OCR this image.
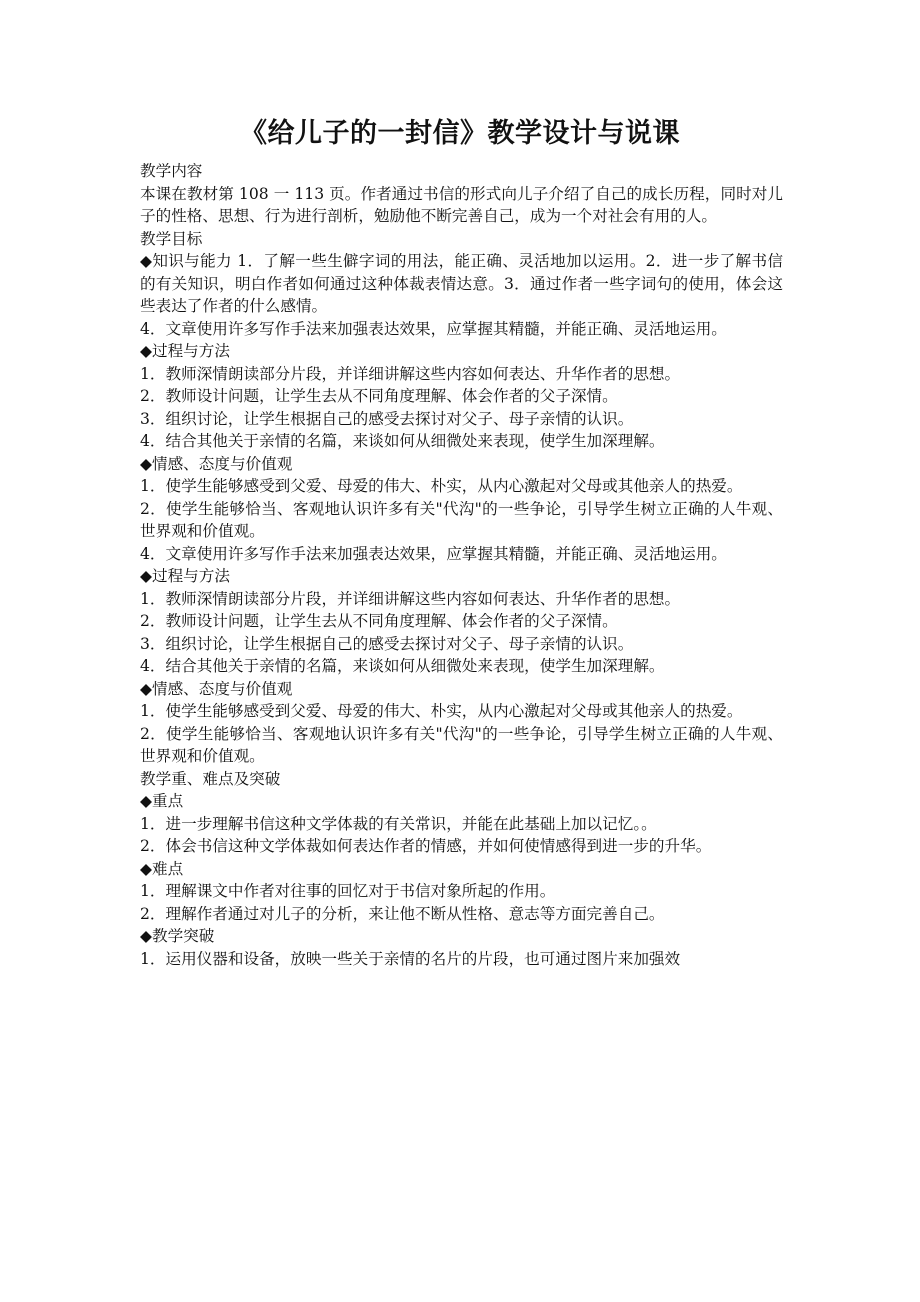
《给儿子的一封信》教学设计与说课

教学内容

本课在教材第 108 一 113 页。作者通过书信的形式向儿子介绍了自己的成长历程，同时对儿子的性格、思想、行为进行剖析，勉励他不断完善自己，成为一个对社会有用的人。

教学目标

◆知识与能力 1．了解一些生僻字词的用法，能正确、灵活地加以运用。2．进一步了解书信的有关知识，明白作者如何通过这种体裁表情达意。3．通过作者一些字词句的使用，体会这些表达了作者的什么感情。

4．文章使用许多写作手法来加强表达效果，应掌握其精髓，并能正确、灵活地运用。

◆过程与方法

1．教师深情朗读部分片段，并详细讲解这些内容如何表达、升华作者的思想。

2．教师设计问题，让学生去从不同角度理解、体会作者的父子深情。

3．组织讨论，让学生根据自己的感受去探讨对父子、母子亲情的认识。

4．结合其他关于亲情的名篇，来谈如何从细微处来表现，使学生加深理解。

◆情感、态度与价值观

1．使学生能够感受到父爱、母爱的伟大、朴实，从内心激起对父母或其他亲人的热爱。

2．使学生能够恰当、客观地认识许多有关"代沟"的一些争论，引导学生树立正确的人牛观、世界观和价值观。

4．文章使用许多写作手法来加强表达效果，应掌握其精髓，并能正确、灵活地运用。

◆过程与方法

1．教师深情朗读部分片段，并详细讲解这些内容如何表达、升华作者的思想。

2．教师设计问题，让学生去从不同角度理解、体会作者的父子深情。

3．组织讨论，让学生根据自己的感受去探讨对父子、母子亲情的认识。

4．结合其他关于亲情的名篇，来谈如何从细微处来表现，使学生加深理解。

◆情感、态度与价值观

1．使学生能够感受到父爱、母爱的伟大、朴实，从内心激起对父母或其他亲人的热爱。

2．使学生能够恰当、客观地认识许多有关"代沟"的一些争论，引导学生树立正确的人牛观、世界观和价值观。

教学重、难点及突破

◆重点

1．进一步理解书信这种文学体裁的有关常识，并能在此基础上加以记忆。。

2．体会书信这种文学体裁如何表达作者的情感，并如何使情感得到进一步的升华。

◆难点

1．理解课文中作者对往事的回忆对于书信对象所起的作用。

2．理解作者通过对儿子的分析，来让他不断从性格、意志等方面完善自己。

◆教学突破

1．运用仪器和设备，放映一些关于亲情的名片的片段，也可通过图片来加强效
